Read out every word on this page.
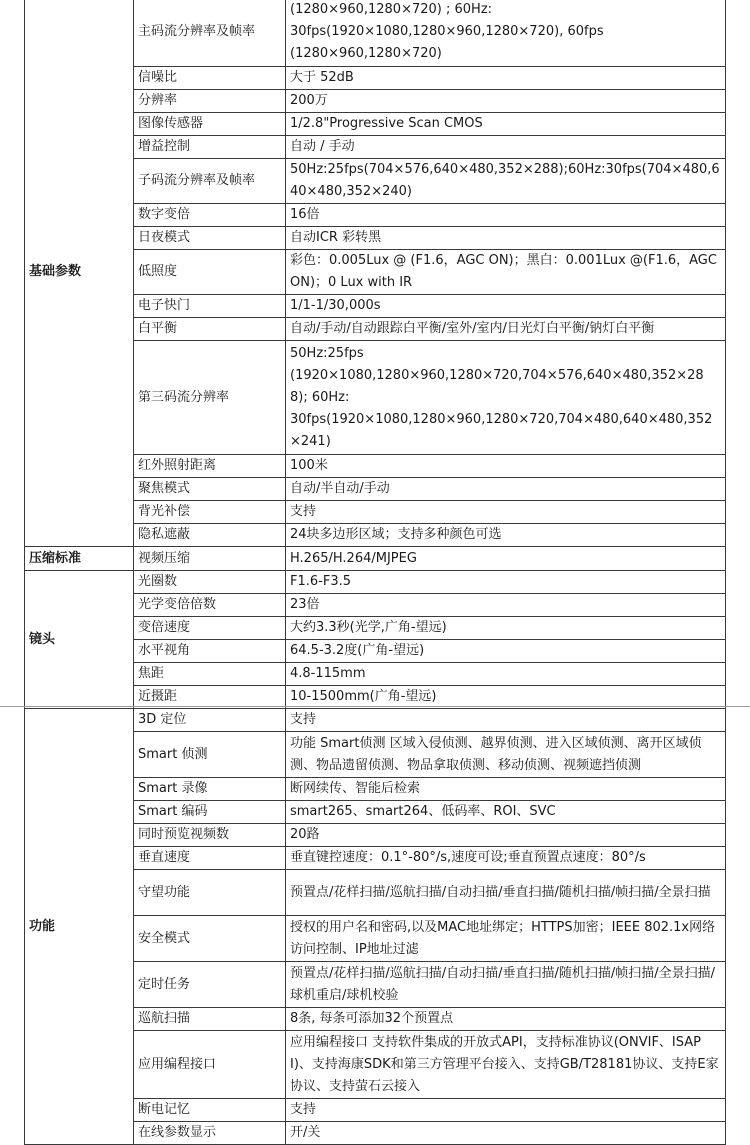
基础参数	主码流分辨率及帧率	(1280×960,1280×720) ; 60Hz:
30fps(1920×1080,1280×960,1280×720), 60fps
(1280×960,1280×720)
	信噪比	大于 52dB
	分辨率	200万
	图像传感器	1/2.8"Progressive Scan CMOS
	增益控制	自动 / 手动
	子码流分辨率及帧率	50Hz:25fps(704×576,640×480,352×288);60Hz:30fps(704×480,640×480,352×240)
	数字变倍	16倍
	日夜模式	自动ICR 彩转黑
	低照度	彩色：0.005Lux @ (F1.6，AGC ON)；黑白：0.001Lux @(F1.6，AGC ON)；0 Lux with IR
	电子快门	1/1-1/30,000s
	白平衡	自动/手动/自动跟踪白平衡/室外/室内/日光灯白平衡/钠灯白平衡
	第三码流分辨率	50Hz:25fps
(1920×1080,1280×960,1280×720,704×576,640×480,352×288); 60Hz:
30fps(1920×1080,1280×960,1280×720,704×480,640×480,352×241)
	红外照射距离	100米
	聚焦模式	自动/半自动/手动
	背光补偿	支持
	隐私遮蔽	24块多边形区域；支持多种颜色可选
压缩标准	视频压缩	H.265/H.264/MJPEG
镜头	光圈数	F1.6-F3.5
	光学变倍倍数	23倍
	变倍速度	大约3.3秒(光学,广角-望远)
	水平视角	64.5-3.2度(广角-望远)
	焦距	4.8-115mm
	近摄距	10-1500mm(广角-望远)
功能	3D 定位	支持
	Smart 侦测	功能 Smart侦测 区域入侵侦测、越界侦测、进入区域侦测、离开区域侦测、物品遗留侦测、物品拿取侦测、移动侦测、视频遮挡侦测
	Smart 录像	断网续传、智能后检索
	Smart 编码	smart265、smart264、低码率、ROI、SVC
	同时预览视频数	20路
	垂直速度	垂直键控速度：0.1°-80°/s,速度可设;垂直预置点速度：80°/s
	守望功能	预置点/花样扫描/巡航扫描/自动扫描/垂直扫描/随机扫描/帧扫描/全景扫描
	安全模式	授权的用户名和密码,以及MAC地址绑定；HTTPS加密；IEEE 802.1x网络访问控制、IP地址过滤
	定时任务	预置点/花样扫描/巡航扫描/自动扫描/垂直扫描/随机扫描/帧扫描/全景扫描/球机重启/球机校验
	巡航扫描	8条, 每条可添加32个预置点
	应用编程接口	应用编程接口 支持软件集成的开放式API，支持标准协议(ONVIF、ISAPI)、支持海康SDK和第三方管理平台接入、支持GB/T28181协议、支持E家协议、支持萤石云接入
	断电记忆	支持
	在线参数显示	开/关
